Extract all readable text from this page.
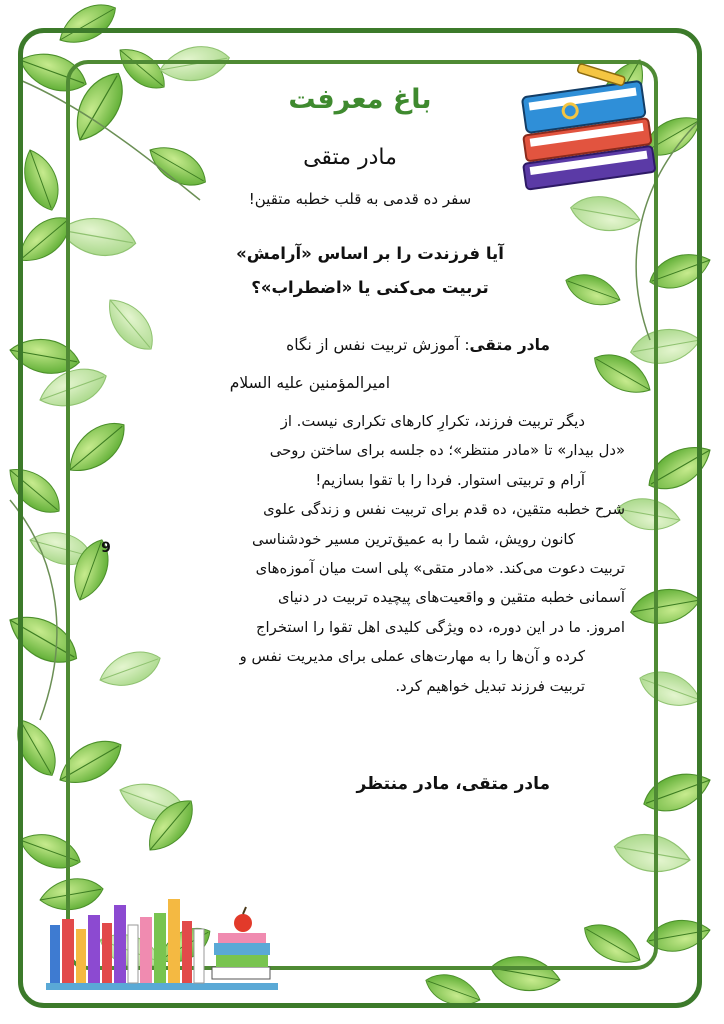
باغ معرفت
مادر متقی
سفر ده قدمی به قلب خطبه متقین!
آیا فرزندت را بر اساس «آرامش»
تربیت می‌کنی یا «اضطراب»؟
مادر متقی: آموزش تربیت نفس از نگاه
امیرالمؤمنین علیه السلام
دیگر تربیت فرزند، تکرارِ کارهای تکراری نیست. از
«دل بیدار» تا «مادر منتظر»؛ ده جلسه برای ساختن روحی
آرام و تربیتی استوار. فردا را با تقوا بسازیم!
شرح خطبه متقین، ده قدم برای تربیت نفس و زندگی علوی
کانون رویش، شما را به عمیق‌ترین مسیر خودشناسی
تربیت دعوت می‌کند. «مادر متقی» پلی است میان آموزه‌های
آسمانی خطبه متقین و واقعیت‌های پیچیده تربیت در دنیای
امروز. ما در این دوره، ده ویژگی کلیدی اهل تقوا را استخراج
کرده و آن‌ها را به مهارت‌های عملی برای مدیریت نفس و
تربیت فرزند تبدیل خواهیم کرد.
مادر متقی، مادر منتظر
9
